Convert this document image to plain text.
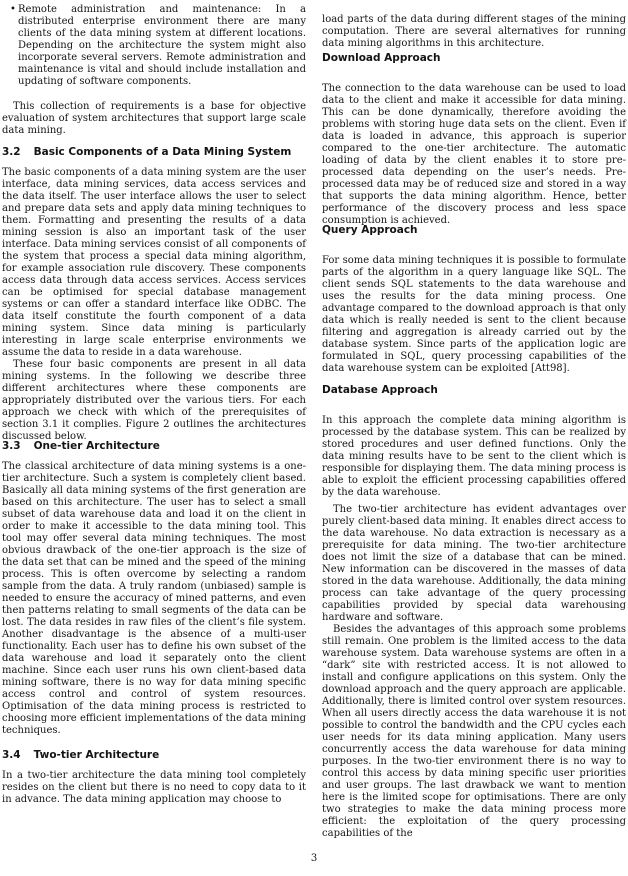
• Remote administration and maintenance: In a distributed enterprise environment there are many clients of the data mining system at different locations. Depending on the architecture the system might also incorporate several servers. Remote administration and maintenance is vital and should include installation and updating of software components.

This collection of requirements is a base for objective evaluation of system architectures that support large scale data mining.

3.2 Basic Components of a Data Mining System

The basic components of a data mining system are the user interface, data mining services, data access services and the data itself. The user interface allows the user to select and prepare data sets and apply data mining techniques to them. Formatting and presenting the results of a data mining session is also an important task of the user interface. Data mining services consist of all components of the system that process a special data mining algorithm, for example association rule discovery. These components access data through data access services. Access services can be optimised for special database management systems or can offer a standard interface like ODBC. The data itself constitute the fourth component of a data mining system. Since data mining is particularly interesting in large scale enterprise environments we assume the data to reside in a data warehouse.

These four basic components are present in all data mining systems. In the following we describe three different architectures where these components are appropriately distributed over the various tiers. For each approach we check with which of the prerequisites of section 3.1 it complies. Figure 2 outlines the architectures discussed below.

3.3 One-tier Architecture

The classical architecture of data mining systems is a one-tier architecture. Such a system is completely client based. Basically all data mining systems of the first generation are based on this architecture. The user has to select a small subset of data warehouse data and load it on the client in order to make it accessible to the data mining tool. This tool may offer several data mining techniques. The most obvious drawback of the one-tier approach is the size of the data set that can be mined and the speed of the mining process. This is often overcome by selecting a random sample from the data. A truly random (unbiased) sample is needed to ensure the accuracy of mined patterns, and even then patterns relating to small segments of the data can be lost. The data resides in raw files of the client’s file system. Another disadvantage is the absence of a multi-user functionality. Each user has to define his own subset of the data warehouse and load it separately onto the client machine. Since each user runs his own client-based data mining software, there is no way for data mining specific access control and control of system resources. Optimisation of the data mining process is restricted to choosing more efficient implementations of the data mining techniques.

3.4 Two-tier Architecture

In a two-tier architecture the data mining tool completely resides on the client but there is no need to copy data to it in advance. The data mining application may choose to

load parts of the data during different stages of the mining computation. There are several alternatives for running data mining algorithms in this architecture.

Download Approach

The connection to the data warehouse can be used to load data to the client and make it accessible for data mining. This can be done dynamically, therefore avoiding the problems with storing huge data sets on the client. Even if data is loaded in advance, this approach is superior compared to the one-tier architecture. The automatic loading of data by the client enables it to store pre-processed data depending on the user’s needs. Pre-processed data may be of reduced size and stored in a way that supports the data mining algorithm. Hence, better performance of the discovery process and less space consumption is achieved.

Query Approach

For some data mining techniques it is possible to formulate parts of the algorithm in a query language like SQL. The client sends SQL statements to the data warehouse and uses the results for the data mining process. One advantage compared to the download approach is that only data which is really needed is sent to the client because filtering and aggregation is already carried out by the database system. Since parts of the application logic are formulated in SQL, query processing capabilities of the data warehouse system can be exploited [Att98].

Database Approach

In this approach the complete data mining algorithm is processed by the database system. This can be realized by stored procedures and user defined functions. Only the data mining results have to be sent to the client which is responsible for displaying them. The data mining process is able to exploit the efficient processing capabilities offered by the data warehouse.

The two-tier architecture has evident advantages over purely client-based data mining. It enables direct access to the data warehouse. No data extraction is necessary as a prerequisite for data mining. The two-tier architecture does not limit the size of a database that can be mined. New information can be discovered in the masses of data stored in the data warehouse. Additionally, the data mining process can take advantage of the query processing capabilities provided by special data warehousing hardware and software.

Besides the advantages of this approach some problems still remain. One problem is the limited access to the data warehouse system. Data warehouse systems are often in a “dark” site with restricted access. It is not allowed to install and configure applications on this system. Only the download approach and the query approach are applicable. Additionally, there is limited control over system resources. When all users directly access the data warehouse it is not possible to control the bandwidth and the CPU cycles each user needs for its data mining application. Many users concurrently access the data warehouse for data mining purposes. In the two-tier environment there is no way to control this access by data mining specific user priorities and user groups. The last drawback we want to mention here is the limited scope for optimisations. There are only two strategies to make the data mining process more efficient: the exploitation of the query processing capabilities of the

3
